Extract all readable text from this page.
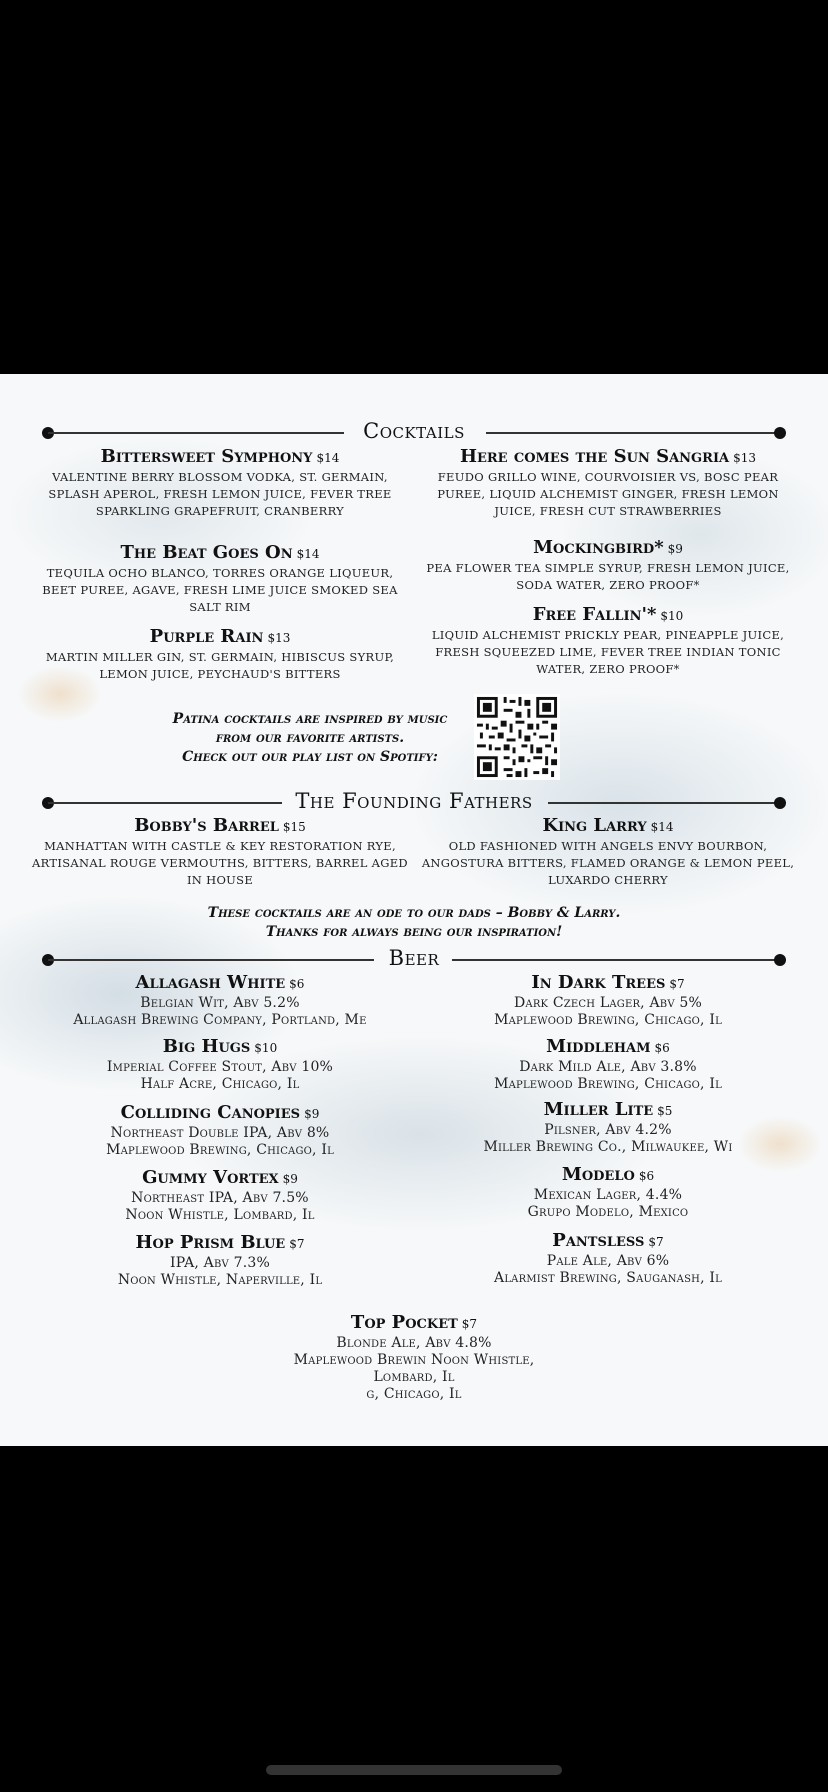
Cocktails
Bittersweet Symphony $14
VALENTINE BERRY BLOSSOM VODKA, ST. GERMAIN, SPLASH APEROL, FRESH LEMON JUICE, FEVER TREE SPARKLING GRAPEFRUIT, CRANBERRY
Here comes the Sun Sangria $13
FEUDO GRILLO WINE, COURVOISIER VS, BOSC PEAR PUREE, LIQUID ALCHEMIST GINGER, FRESH LEMON JUICE, FRESH CUT STRAWBERRIES
The Beat Goes On $14
TEQUILA OCHO BLANCO, TORRES ORANGE LIQUEUR, BEET PUREE, AGAVE, FRESH LIME JUICE SMOKED SEA SALT RIM
Mockingbird* $9
PEA FLOWER TEA SIMPLE SYRUP, FRESH LEMON JUICE, SODA WATER, ZERO PROOF*
Purple Rain $13
MARTIN MILLER GIN, ST. GERMAIN, HIBISCUS SYRUP, LEMON JUICE, PEYCHAUD'S BITTERS
Free Fallin'* $10
LIQUID ALCHEMIST PRICKLY PEAR, PINEAPPLE JUICE, FRESH SQUEEZED LIME, FEVER TREE INDIAN TONIC WATER, ZERO PROOF*
Patina cocktails are inspired by music
from our favorite artists.
Check out our play list on Spotify:
The Founding Fathers
Bobby's Barrel $15
MANHATTAN WITH CASTLE & KEY RESTORATION RYE, ARTISANAL ROUGE VERMOUTHS, BITTERS, BARREL AGED IN HOUSE
King Larry $14
OLD FASHIONED WITH ANGELS ENVY BOURBON, ANGOSTURA BITTERS, FLAMED ORANGE & LEMON PEEL, LUXARDO CHERRY
These cocktails are an ode to our dads – Bobby & Larry.
Thanks for always being our inspiration!
Beer
Allagash White $6
Belgian Wit, Abv 5.2%
Allagash Brewing Company, Portland, Me
In Dark Trees $7
Dark Czech Lager, Abv 5%
Maplewood Brewing, Chicago, Il
Big Hugs $10
Imperial Coffee Stout, Abv 10%
Half Acre, Chicago, Il
Middleham $6
Dark Mild Ale, Abv 3.8%
Maplewood Brewing, Chicago, Il
Colliding Canopies $9
Northeast Double IPA, Abv 8%
Maplewood Brewing, Chicago, Il
Miller Lite $5
Pilsner, Abv 4.2%
Miller Brewing Co., Milwaukee, Wi
Gummy Vortex $9
Northeast IPA, Abv 7.5%
Noon Whistle, Lombard, Il
Modelo $6
Mexican Lager, 4.4%
Grupo Modelo, Mexico
Hop Prism Blue $7
IPA, Abv 7.3%
Noon Whistle, Naperville, Il
Pantsless $7
Pale Ale, Abv 6%
Alarmist Brewing, Sauganash, Il
Top Pocket $7
Blonde Ale, Abv 4.8%
Maplewood Brewin Noon Whistle,
Lombard, Il
g, Chicago, Il
